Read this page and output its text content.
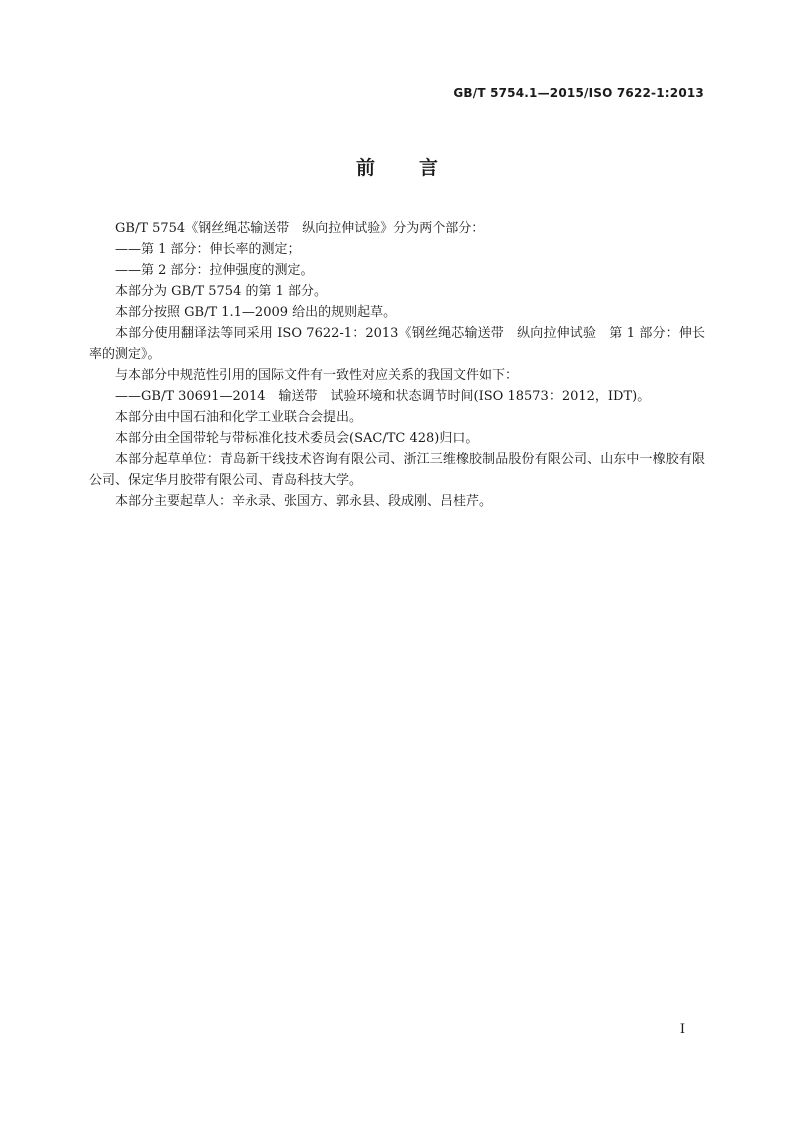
GB/T 5754.1—2015/ISO 7622-1:2013
前 言

GB/T 5754《钢丝绳芯输送带　纵向拉伸试验》分为两个部分：

——第 1 部分：伸长率的测定；

——第 2 部分：拉伸强度的测定。

本部分为 GB/T 5754 的第 1 部分。

本部分按照 GB/T 1.1—2009 给出的规则起草。

本部分使用翻译法等同采用 ISO 7622-1：2013《钢丝绳芯输送带　纵向拉伸试验　第 1 部分：伸长率的测定》。

与本部分中规范性引用的国际文件有一致性对应关系的我国文件如下：

——GB/T 30691—2014　输送带　试验环境和状态调节时间(ISO 18573：2012，IDT)。

本部分由中国石油和化学工业联合会提出。

本部分由全国带轮与带标准化技术委员会(SAC/TC 428)归口。

本部分起草单位：青岛新干线技术咨询有限公司、浙江三维橡胶制品股份有限公司、山东中一橡胶有限公司、保定华月胶带有限公司、青岛科技大学。

本部分主要起草人：辛永录、张国方、郭永县、段成刚、吕桂芹。

I
